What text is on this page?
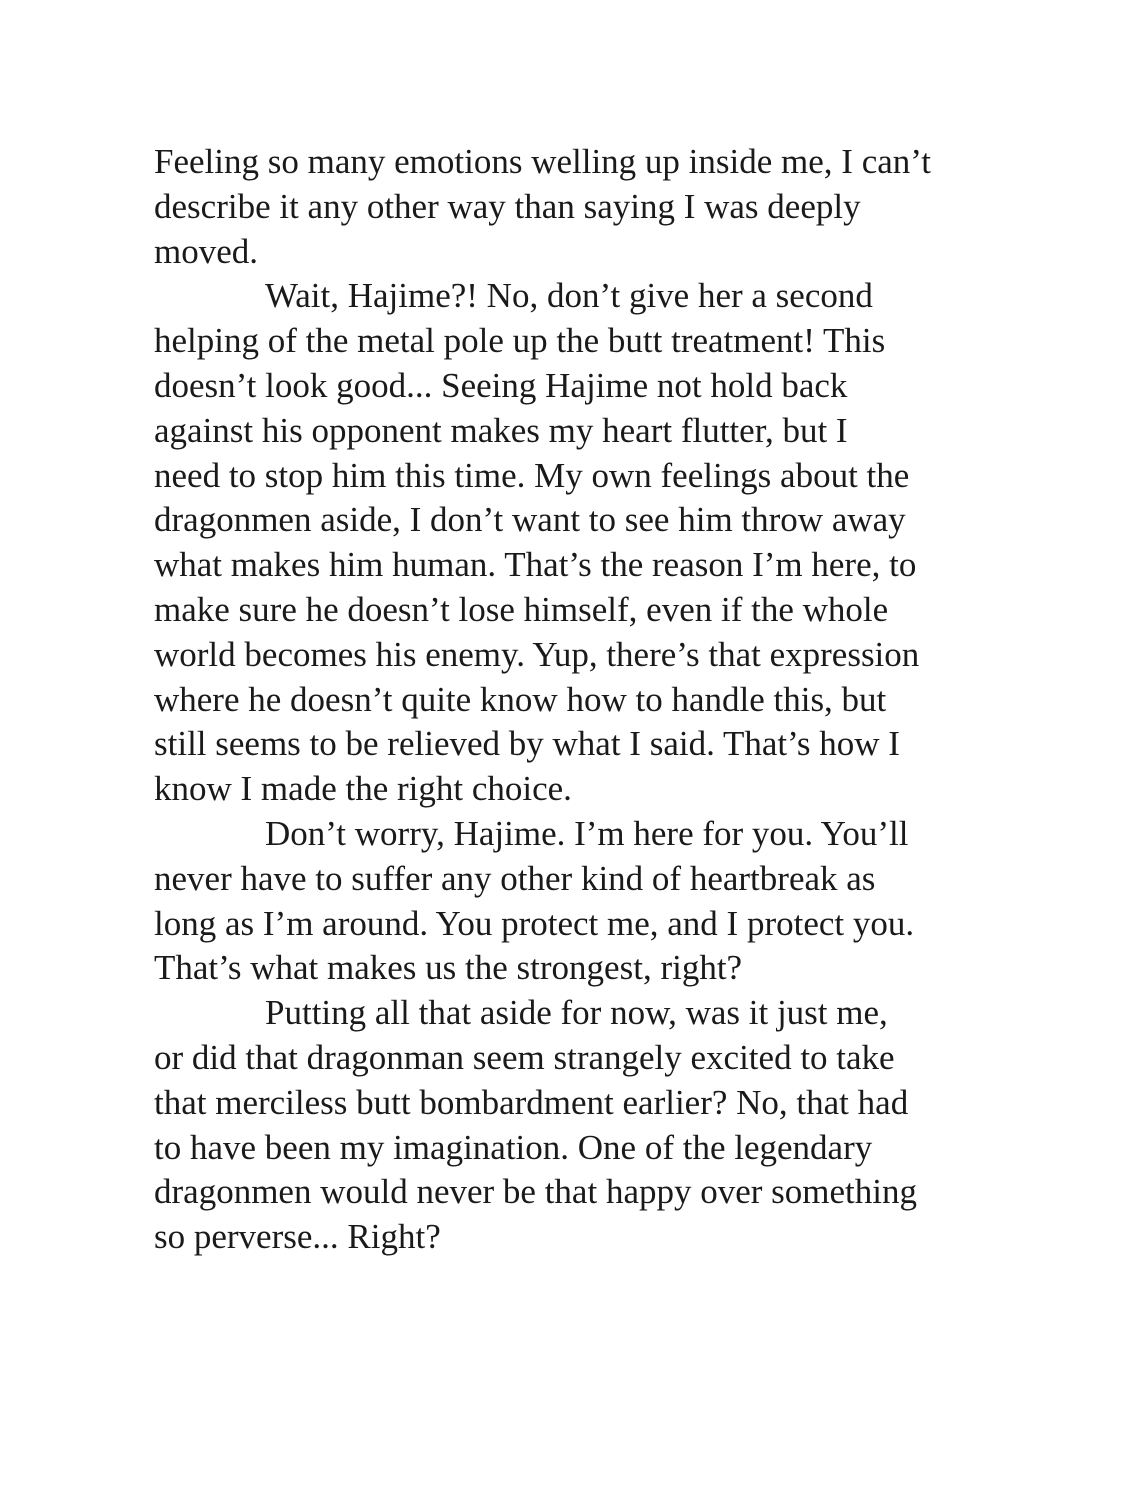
Feeling so many emotions welling up inside me, I can’t
describe it any other way than saying I was deeply
moved.
Wait, Hajime?! No, don’t give her a second
helping of the metal pole up the butt treatment! This
doesn’t look good... Seeing Hajime not hold back
against his opponent makes my heart flutter, but I
need to stop him this time. My own feelings about the
dragonmen aside, I don’t want to see him throw away
what makes him human. That’s the reason I’m here, to
make sure he doesn’t lose himself, even if the whole
world becomes his enemy. Yup, there’s that expression
where he doesn’t quite know how to handle this, but
still seems to be relieved by what I said. That’s how I
know I made the right choice.
Don’t worry, Hajime. I’m here for you. You’ll
never have to suffer any other kind of heartbreak as
long as I’m around. You protect me, and I protect you.
That’s what makes us the strongest, right?
Putting all that aside for now, was it just me,
or did that dragonman seem strangely excited to take
that merciless butt bombardment earlier? No, that had
to have been my imagination. One of the legendary
dragonmen would never be that happy over something
so perverse... Right?
